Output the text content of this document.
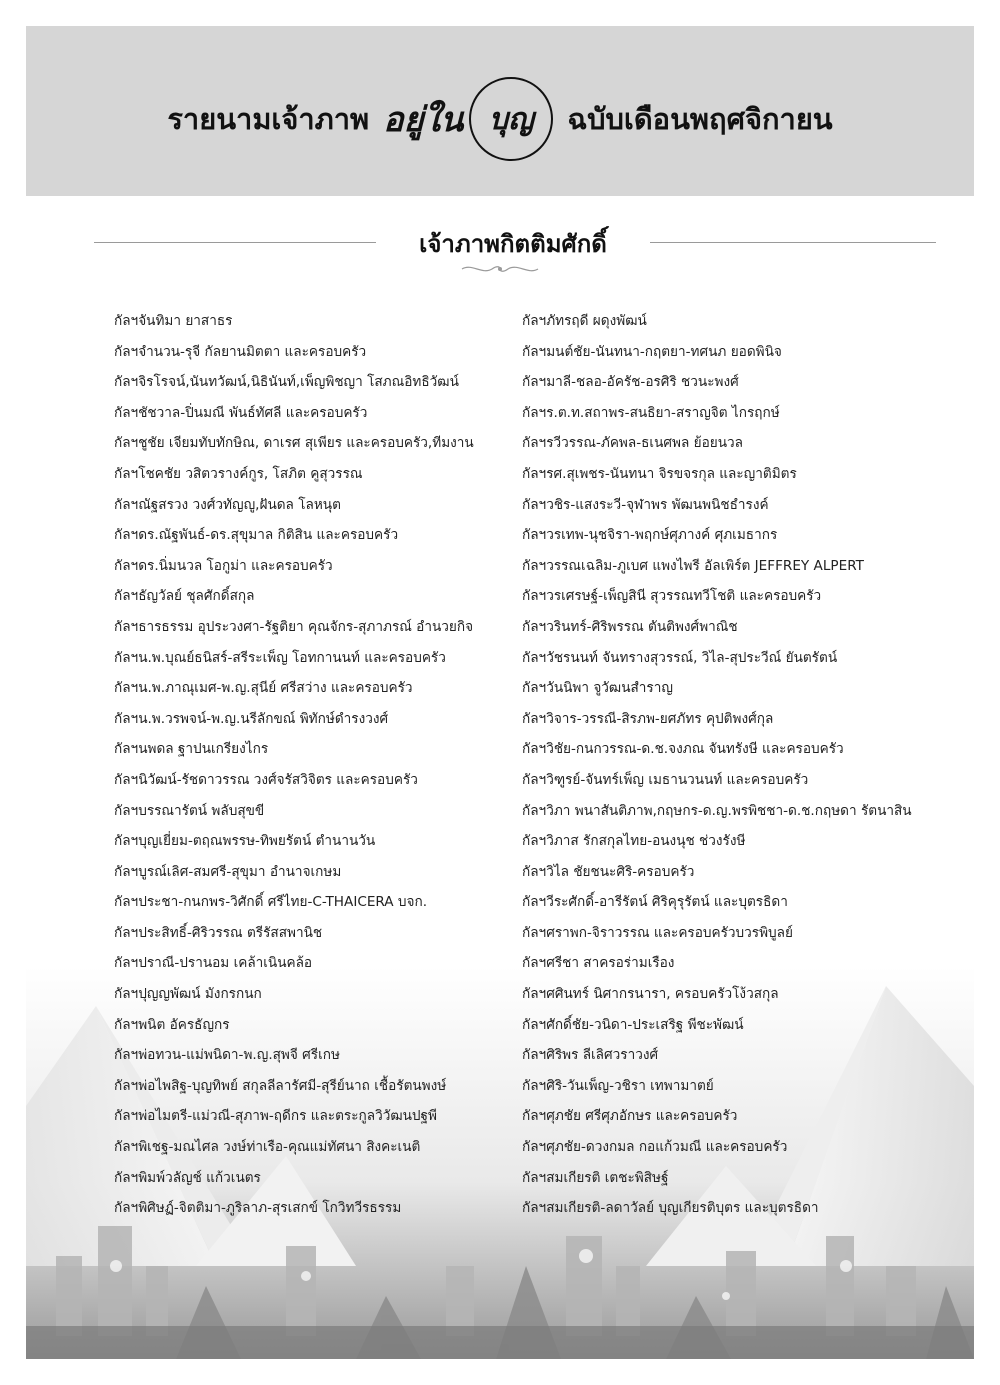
รายนามเจ้าภาพ อยู่ใน บุญ ฉบับเดือนพฤศจิกายน
เจ้าภาพกิตติมศักดิ์
กัลฯจันทิมา ยาสาธร
กัลฯจำนวน-รุจี กัลยานมิตตา และครอบครัว
กัลฯจิรโรจน์,นันทวัฒน์,นิธินันท์,เพ็ญพิชญา โสภณอิทธิวัฒน์
กัลฯชัชวาล-ปิ่นมณี พันธ์ทัศลี และครอบครัว
กัลฯชูชัย เจียมทับทักษิณ, ดาเรศ สุเพียร และครอบครัว,ทีมงาน
กัลฯโชคชัย วสิตวรางค์กูร, โสภิต คูสุวรรณ
กัลฯณัฐสรวง วงศ์วทัญญู,ฝันดล โลหนุต
กัลฯดร.ณัฐพันธ์-ดร.สุขุมาล กิติสิน และครอบครัว
กัลฯดร.นิ่มนวล โอกูม่า และครอบครัว
กัลฯธัญวัลย์ ชุลศักดิ์สกุล
กัลฯธารธรรม อุประวงศา-รัฐติยา คุณจักร-สุภาภรณ์ อำนวยกิจ
กัลฯน.พ.บุณย์ธนิสร์-สรีระเพ็ญ โอทกานนท์ และครอบครัว
กัลฯน.พ.ภาณุเมศ-พ.ญ.สุนีย์ ศรีสว่าง และครอบครัว
กัลฯน.พ.วรพจน์-พ.ญ.นรีลักขณ์ พิทักษ์ดำรงวงศ์
กัลฯนพดล ฐาปนเกรียงไกร
กัลฯนิวัฒน์-รัชดาวรรณ วงศ์จรัสวิจิตร และครอบครัว
กัลฯบรรณารัตน์ พลับสุขขี
กัลฯบุญเยี่ยม-ตฤณพรรษ-ทิพยรัตน์ ตำนานวัน
กัลฯบูรณ์เลิศ-สมศรี-สุขุมา อำนาจเกษม
กัลฯประชา-กนกพร-วิศักดิ์ ศรีไทย-C-THAICERA บจก.
กัลฯประสิทธิ์-ศิริวรรณ ตรีรัสสพานิช
กัลฯปราณี-ปรานอม เคล้าเนินคล้อ
กัลฯปุญญพัฒน์ มังกรกนก
กัลฯพนิต อัครธัญกร
กัลฯพ่อทวน-แม่พนิดา-พ.ญ.สุพจี ศรีเกษ
กัลฯพ่อไพสิฐ-บุญทิพย์ สกุลลีลารัศมี-สุรีย์นาถ เชื้อรัตนพงษ์
กัลฯพ่อไมตรี-แม่วณี-สุภาพ-ฤดีกร และตระกูลวิวัฒนปฐพี
กัลฯพิเชฐ-มณไศล วงษ์ท่าเรือ-คุณแม่ทัศนา สิงคะเนติ
กัลฯพิมพ์วลัญช์ แก้วเนตร
กัลฯพิศิษฏ์-จิตติมา-ภูริลาภ-สุรเสกข์ โกวิทวีรธรรม
กัลฯภัทรฤดี ผดุงพัฒน์
กัลฯมนต์ชัย-นันทนา-กฤตยา-ทศนภ ยอดพินิจ
กัลฯมาลี-ชลอ-อัครัช-อรศิริ ชวนะพงศ์
กัลฯร.ต.ท.สถาพร-สนธิยา-สราญจิต ไกรฤกษ์
กัลฯรวีวรรณ-ภัคพล-ธเนศพล ย้อยนวล
กัลฯรศ.สุเพชร-นันทนา จิรขจรกุล และญาติมิตร
กัลฯวชิร-แสงระวี-จุฬาพร พัฒนพนิชธำรงค์
กัลฯวรเทพ-นุชจิรา-พฤกษ์ศุภางค์ ศุภเมธากร
กัลฯวรรณเฉลิม-ภูเบศ แพงไพรี อัลเพิร์ต JEFFREY ALPERT
กัลฯวรเศรษฐ์-เพ็ญสินี สุวรรณทวีโชติ และครอบครัว
กัลฯวรินทร์-ศิริพรรณ ตันติพงศ์พาณิช
กัลฯวัชรนนท์ จันทรางสุวรรณ์, วิไล-สุประวีณ์ ยันตรัตน์
กัลฯวันนิพา จูวัฒนสำราญ
กัลฯวิจาร-วรรณี-สิรภพ-ยศภัทร คุปติพงศ์กุล
กัลฯวิชัย-กนกวรรณ-ด.ช.จงภณ จันทรังษี และครอบครัว
กัลฯวิฑูรย์-จันทร์เพ็ญ เมธานวนนท์ และครอบครัว
กัลฯวิภา พนาสันติภาพ,กฤษกร-ด.ญ.พรพิชชา-ด.ช.กฤษดา รัตนาสิน
กัลฯวิภาส รักสกุลไทย-อนงนุช ช่วงรังษี
กัลฯวิไล ชัยชนะศิริ-ครอบครัว
กัลฯวีระศักดิ์-อารีรัตน์ ศิริคุรุรัตน์ และบุตรธิดา
กัลฯศราพก-จิราวรรณ และครอบครัวบวรพิบูลย์
กัลฯศรีชา สาครอร่ามเรือง
กัลฯศศินทร์ นิศากรนารา, ครอบครัวโง้วสกุล
กัลฯศักดิ์ชัย-วนิดา-ประเสริฐ พีชะพัฒน์
กัลฯศิริพร ลีเลิศวราวงศ์
กัลฯศิริ-วันเพ็ญ-วชิรา เทพามาตย์
กัลฯศุภชัย ศรีศุภอักษร และครอบครัว
กัลฯศุภชัย-ดวงกมล กอแก้วมณี และครอบครัว
กัลฯสมเกียรติ เตชะพิสิษฐ์
กัลฯสมเกียรติ-ลดาวัลย์ บุญเกียรติบุตร และบุตรธิดา
